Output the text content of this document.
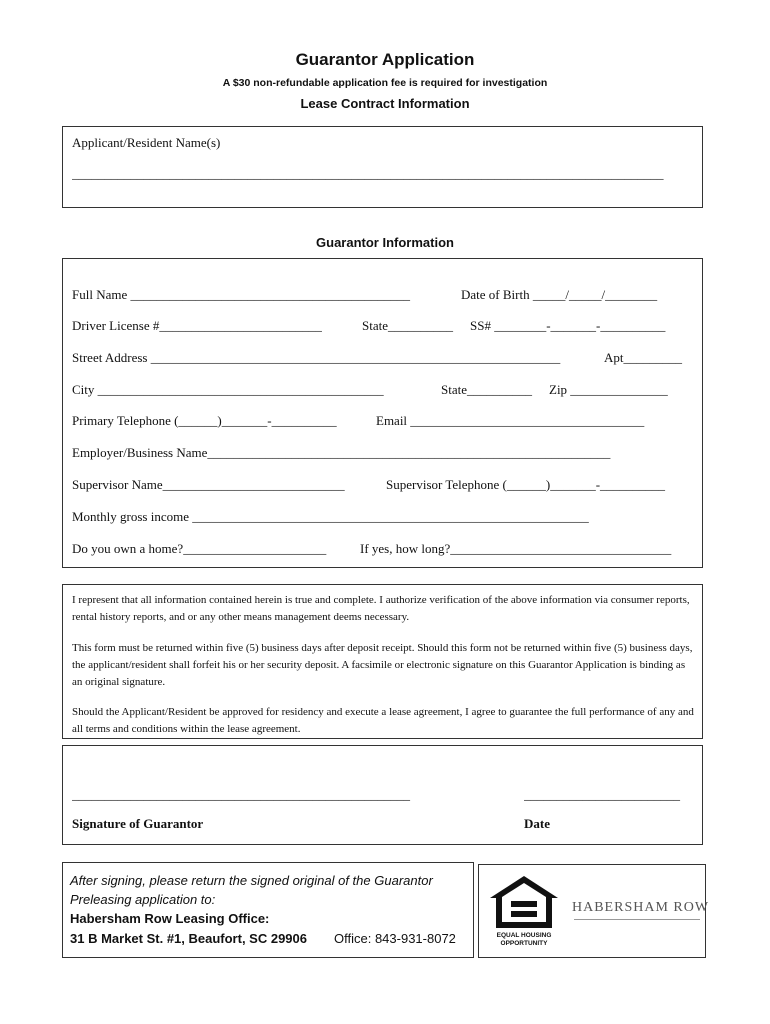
Guarantor Application
A $30 non-refundable application fee is required for investigation
Lease Contract Information
Applicant/Resident Name(s)
___________________________________________________________________________________________
Guarantor Information
Full Name ___________________________________________	Date of Birth _____/_____/________
Driver License #_________________________	State__________ SS# ________-_______-__________
Street Address _______________________________________________________________	Apt_________
City ____________________________________________	State__________ Zip _______________
Primary Telephone (______)_______-__________	Email ____________________________________
Employer/Business Name______________________________________________________________
Supervisor Name____________________________	Supervisor Telephone (______)_______-__________
Monthly gross income _____________________________________________________________
Do you own a home?______________________	If yes, how long?__________________________________
I represent that all information contained herein is true and complete. I authorize verification of the above information via consumer reports, rental history reports, and or any other means management deems necessary.
This form must be returned within five (5) business days after deposit receipt. Should this form not be returned within five (5) business days, the applicant/resident shall forfeit his or her security deposit. A facsimile or electronic signature on this Guarantor Application is binding as an original signature.
Should the Applicant/Resident be approved for residency and execute a lease agreement, I agree to guarantee the full performance of any and all terms and conditions within the lease agreement.
____________________________________________________	________________________
Signature of Guarantor	Date
After signing, please return the signed original of the Guarantor
Preleasing application to:
Habersham Row Leasing Office:
31 B Market St. #1, Beaufort, SC 29906 Office: 843-931-8072	EQUAL HOUSING
OPPORTUNITY
HABERSHAM ROW
